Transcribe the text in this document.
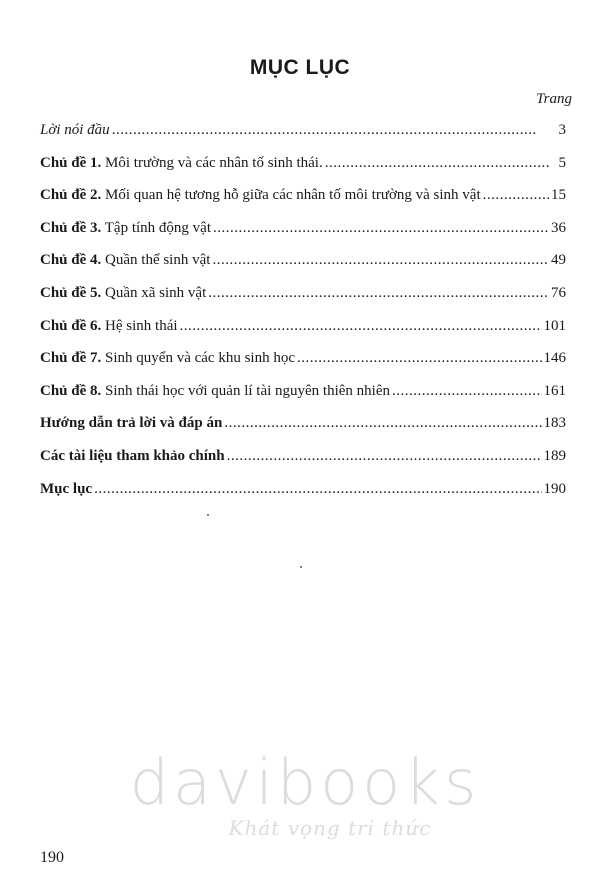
MỤC LỤC
Trang
Lời nói đầu .....	3
Chủ đề 1. Môi trường và các nhân tố sinh thái. .....	5
Chủ đề 2. Mối quan hệ tương hỗ giữa các nhân tố môi trường và sinh vật .....	15
Chủ đề 3. Tập tính động vật .....	36
Chủ đề 4. Quần thể sinh vật .....	49
Chủ đề 5. Quần xã sinh vật .....	76
Chủ đề 6. Hệ sinh thái .....	101
Chủ đề 7. Sinh quyển và các khu sinh học .....	146
Chủ đề 8. Sinh thái học với quản lí tài nguyên thiên nhiên .....	161
Hướng dẫn trả lời và đáp án .....	183
Các tài liệu tham khảo chính .....	189
Mục lục .....	190
davibooks
Khát vọng tri thức
190
